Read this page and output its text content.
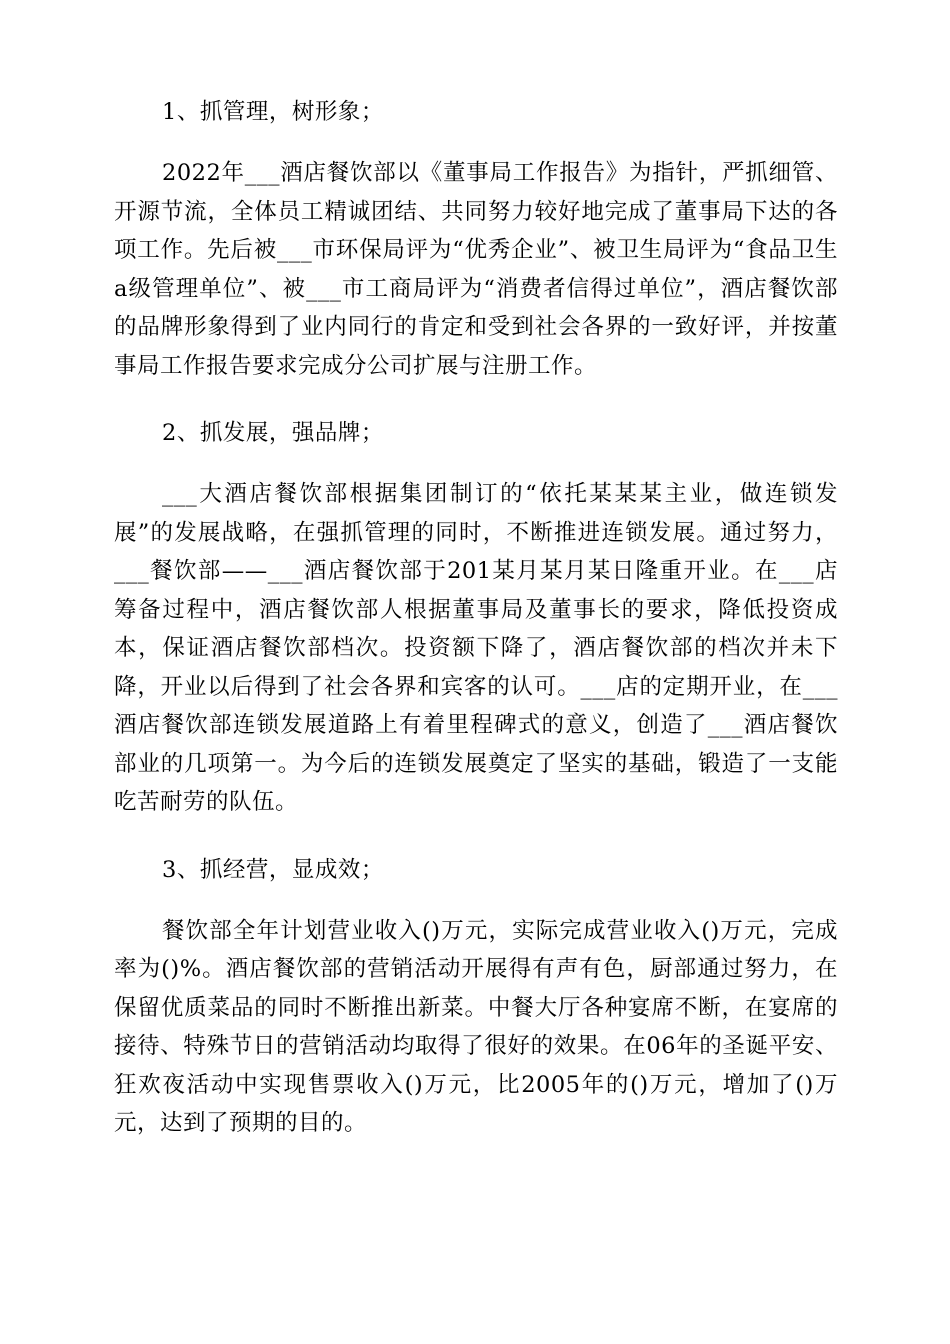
1、抓管理，树形象；

2022年___酒店餐饮部以《董事局工作报告》为指针，严抓细管、开源节流，全体员工精诚团结、共同努力较好地完成了董事局下达的各项工作。先后被___市环保局评为“优秀企业”、被卫生局评为“食品卫生a级管理单位”、被___市工商局评为“消费者信得过单位”，酒店餐饮部的品牌形象得到了业内同行的肯定和受到社会各界的一致好评，并按董事局工作报告要求完成分公司扩展与注册工作。

2、抓发展，强品牌；

___大酒店餐饮部根据集团制订的“依托某某某主业，做连锁发展”的发展战略，在强抓管理的同时，不断推进连锁发展。通过努力，___餐饮部——___酒店餐饮部于201某月某月某日隆重开业。在___店筹备过程中，酒店餐饮部人根据董事局及董事长的要求，降低投资成本，保证酒店餐饮部档次。投资额下降了，酒店餐饮部的档次并未下降，开业以后得到了社会各界和宾客的认可。___店的定期开业，在___酒店餐饮部连锁发展道路上有着里程碑式的意义，创造了___酒店餐饮部业的几项第一。为今后的连锁发展奠定了坚实的基础，锻造了一支能吃苦耐劳的队伍。

3、抓经营，显成效；

餐饮部全年计划营业收入()万元，实际完成营业收入()万元，完成率为()%。酒店餐饮部的营销活动开展得有声有色，厨部通过努力，在保留优质菜品的同时不断推出新菜。中餐大厅各种宴席不断，在宴席的接待、特殊节日的营销活动均取得了很好的效果。在06年的圣诞平安、狂欢夜活动中实现售票收入()万元，比2005年的()万元，增加了()万元，达到了预期的目的。
